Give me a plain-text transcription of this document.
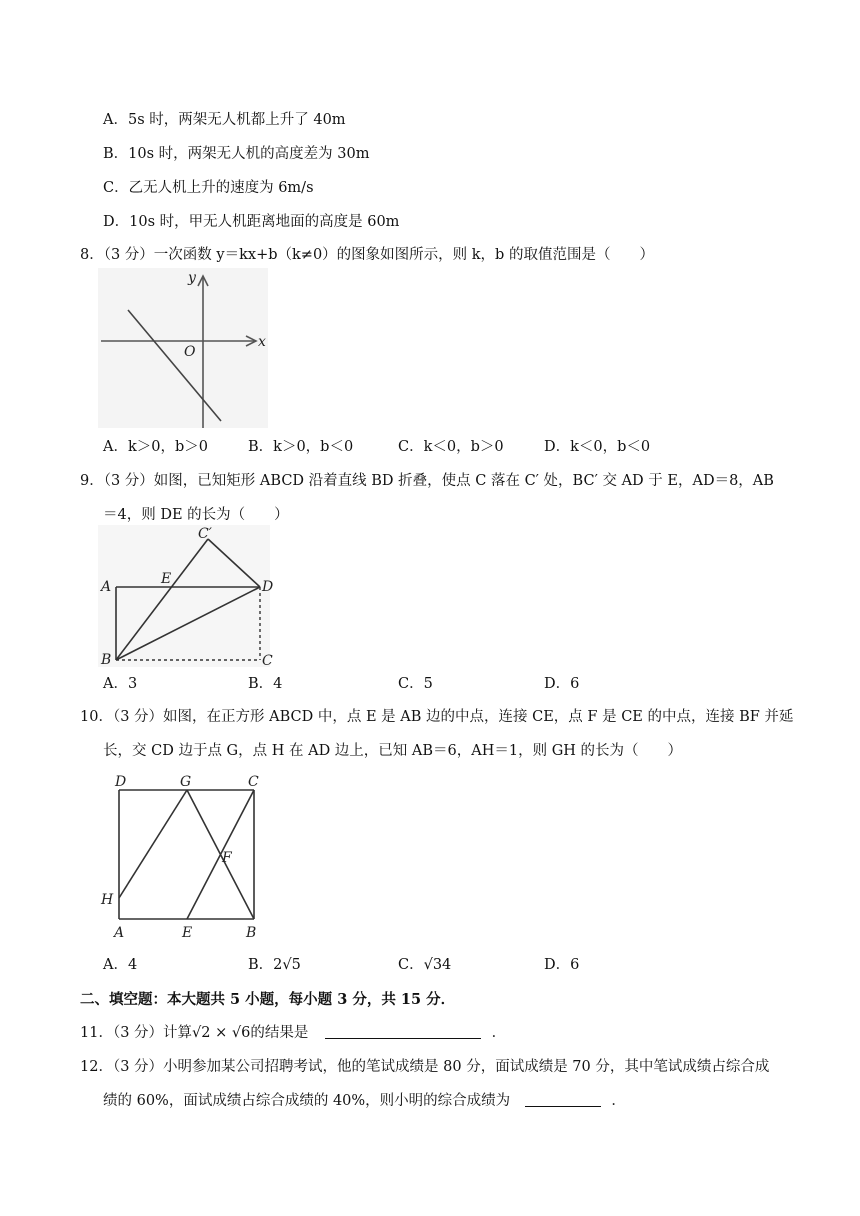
A．5s 时，两架无人机都上升了 40m
B．10s 时，两架无人机的高度差为 30m
C．乙无人机上升的速度为 6m/s
D．10s 时，甲无人机距离地面的高度是 60m
8．（3 分）一次函数 y＝kx+b（k≠0）的图象如图所示，则 k，b 的取值范围是（　　）
y
x
O
A．k＞0，b＞0	B．k＞0，b＜0	C．k＜0，b＞0	D．k＜0，b＜0
9．（3 分）如图，已知矩形 ABCD 沿着直线 BD 折叠，使点 C 落在 C′ 处，BC′ 交 AD 于 E，AD＝8，AB
＝4，则 DE 的长为（　　）
C′
A	E	D
B	C
A．3	B．4	C．5	D．6
10．（3 分）如图，在正方形 ABCD 中，点 E 是 AB 边的中点，连接 CE，点 F 是 CE 的中点，连接 BF 并延
长，交 CD 边于点 G，点 H 在 AD 边上，已知 AB＝6，AH＝1，则 GH 的长为（　　）
D	G	C
F
H
A	E	B
A．4	B．2√5	C．√34	D．6
二、填空题：本大题共 5 小题，每小题 3 分，共 15 分．
11．（3 分）计算√2 × √6的结果是	．
12．（3 分）小明参加某公司招聘考试，他的笔试成绩是 80 分，面试成绩是 70 分，其中笔试成绩占综合成
绩的 60%，面试成绩占综合成绩的 40%，则小明的综合成绩为	．
